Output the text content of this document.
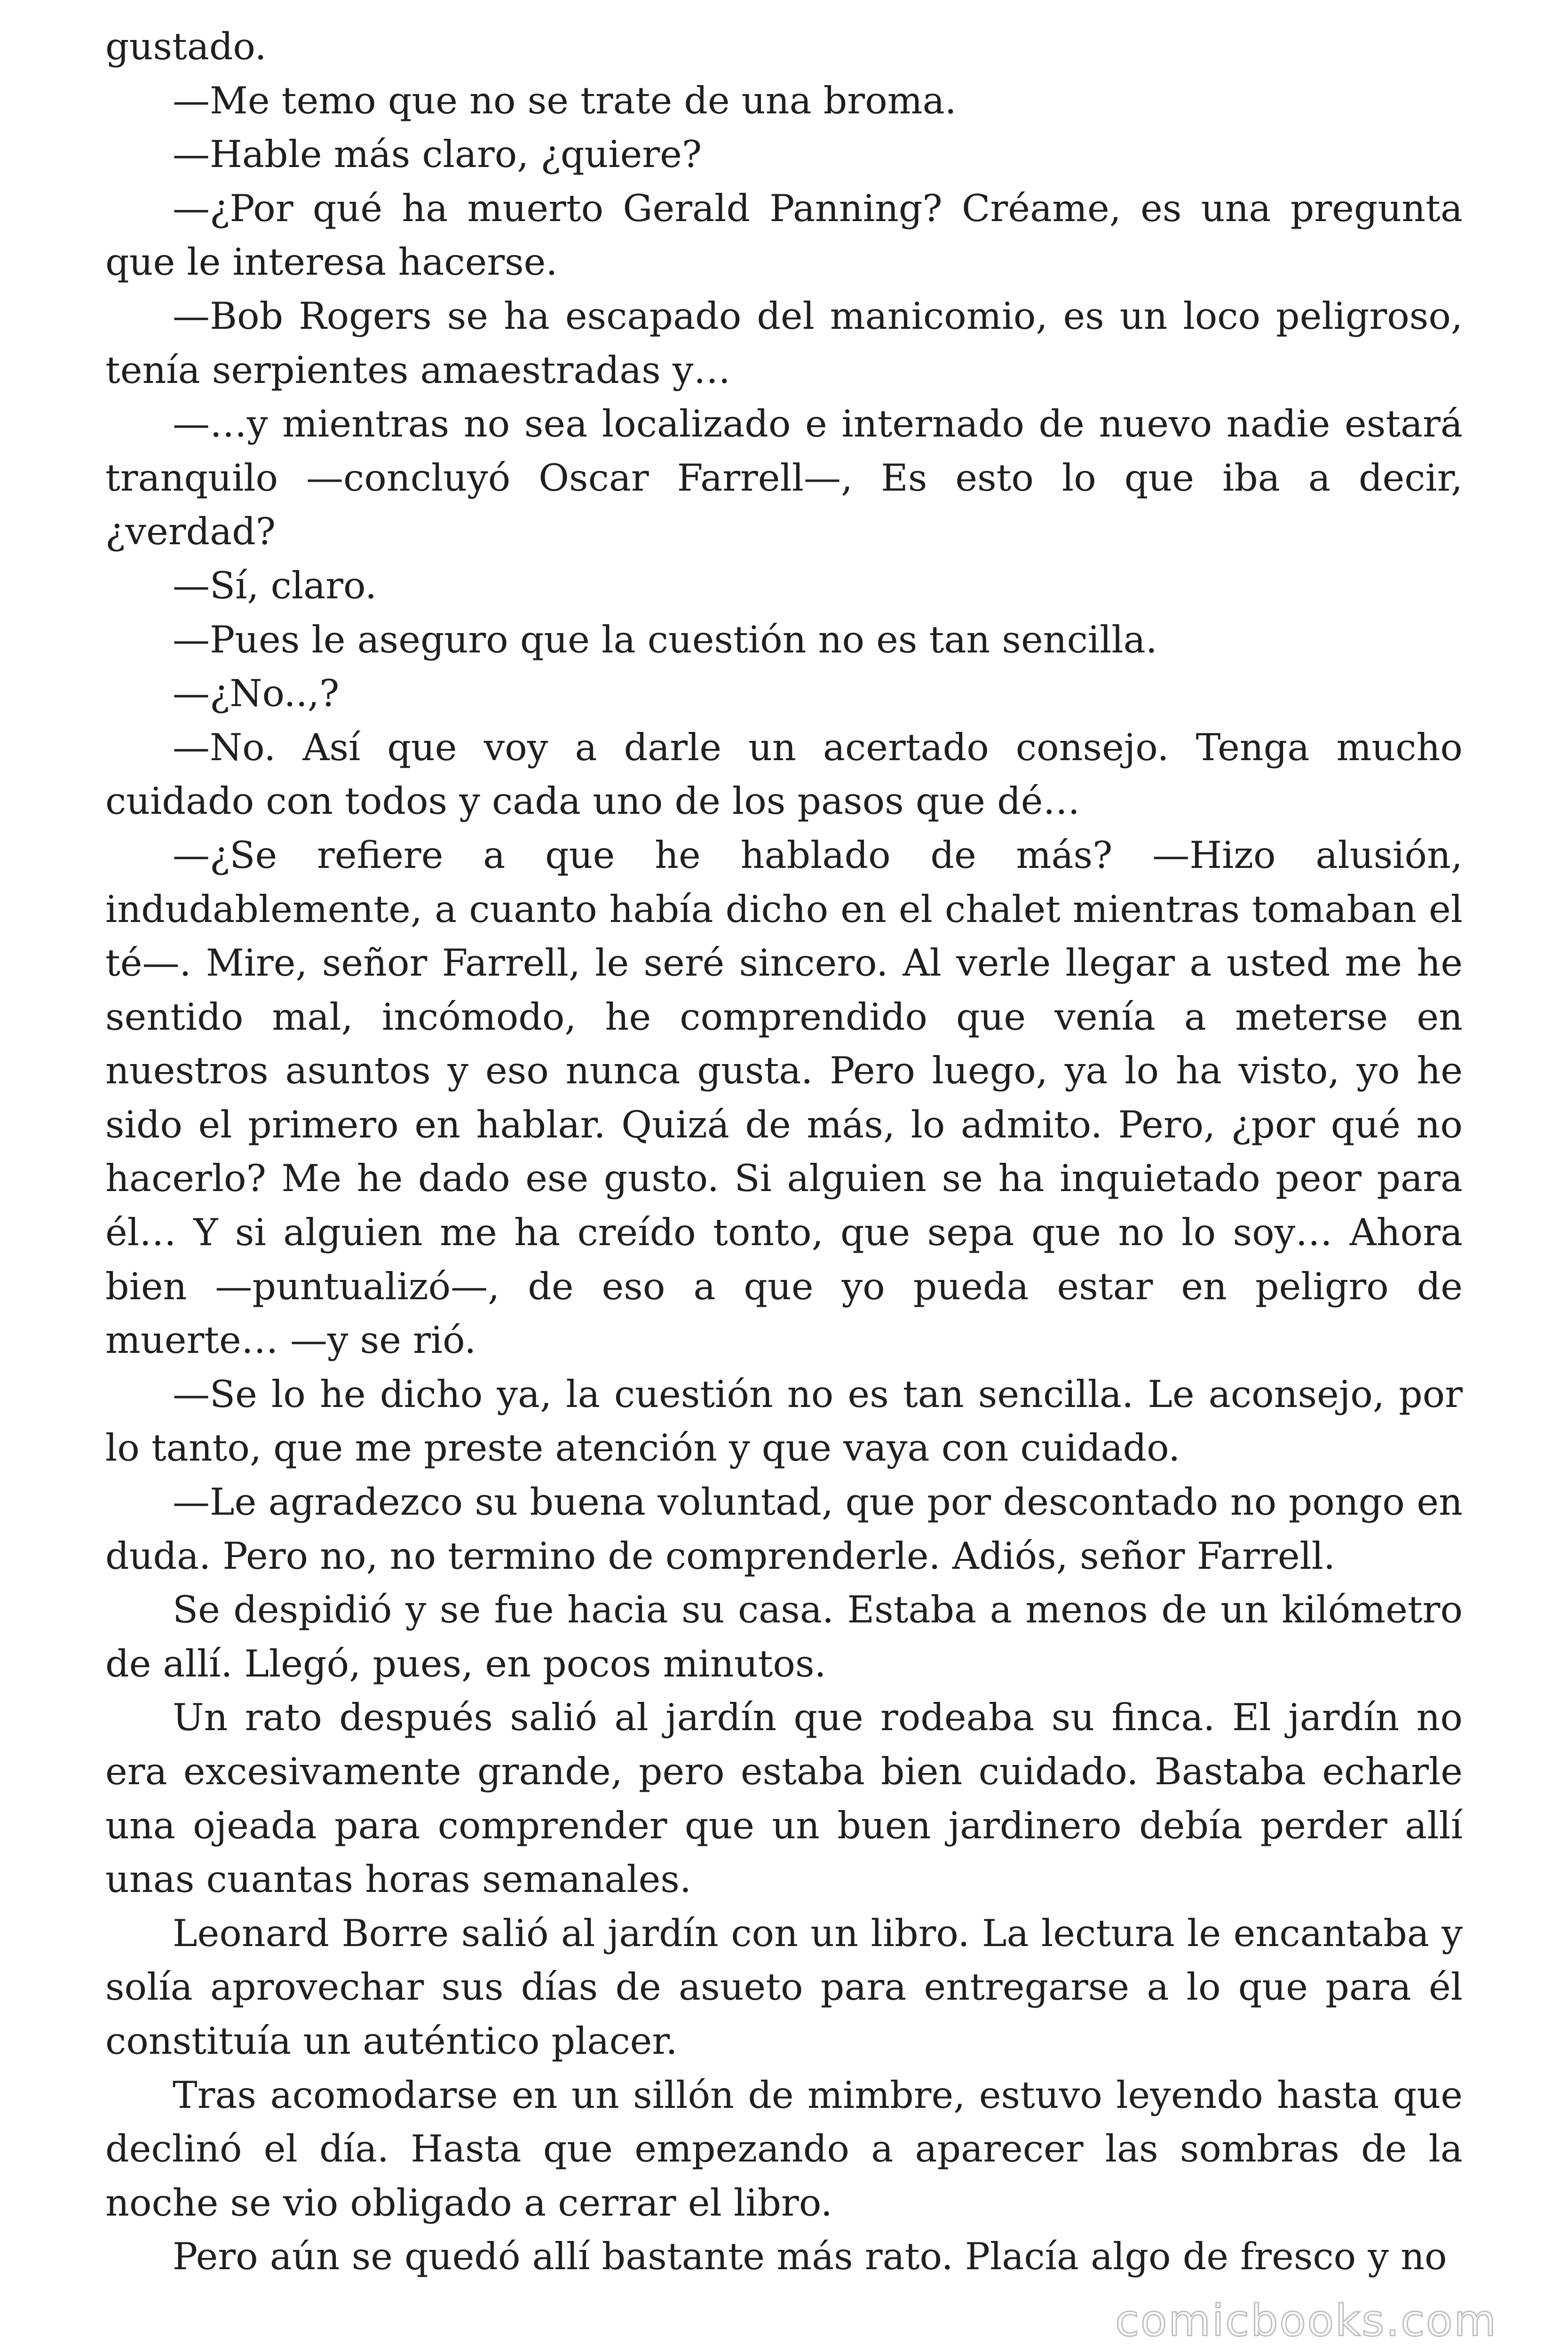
gustado.

—Me temo que no se trate de una broma.

—Hable más claro, ¿quiere?

—¿Por qué ha muerto Gerald Panning? Créame, es una pregunta que le interesa hacerse.

—Bob Rogers se ha escapado del manicomio, es un loco peligroso, tenía serpientes amaestradas y…

—…y mientras no sea localizado e internado de nuevo nadie estará tranquilo —concluyó Oscar Farrell—, Es esto lo que iba a decir, ¿verdad?

—Sí, claro.

—Pues le aseguro que la cuestión no es tan sencilla.

—¿No..,?

—No. Así que voy a darle un acertado consejo. Tenga mucho cuidado con todos y cada uno de los pasos que dé…

—¿Se refiere a que he hablado de más? —Hizo alusión, indudablemente, a cuanto había dicho en el chalet mientras tomaban el té—. Mire, señor Farrell, le seré sincero. Al verle llegar a usted me he sentido mal, incómodo, he comprendido que venía a meterse en nuestros asuntos y eso nunca gusta. Pero luego, ya lo ha visto, yo he sido el primero en hablar. Quizá de más, lo admito. Pero, ¿por qué no hacerlo? Me he dado ese gusto. Si alguien se ha inquietado peor para él… Y si alguien me ha creído tonto, que sepa que no lo soy… Ahora bien —puntualizó—, de eso a que yo pueda estar en peligro de muerte… —y se rió.

—Se lo he dicho ya, la cuestión no es tan sencilla. Le aconsejo, por lo tanto, que me preste atención y que vaya con cuidado.

—Le agradezco su buena voluntad, que por descontado no pongo en duda. Pero no, no termino de comprenderle. Adiós, señor Farrell.

Se despidió y se fue hacia su casa. Estaba a menos de un kilómetro de allí. Llegó, pues, en pocos minutos.

Un rato después salió al jardín que rodeaba su finca. El jardín no era excesivamente grande, pero estaba bien cuidado. Bastaba echarle una ojeada para comprender que un buen jardinero debía perder allí unas cuantas horas semanales.

Leonard Borre salió al jardín con un libro. La lectura le encantaba y solía aprovechar sus días de asueto para entregarse a lo que para él constituía un auténtico placer.

Tras acomodarse en un sillón de mimbre, estuvo leyendo hasta que declinó el día. Hasta que empezando a aparecer las sombras de la noche se vio obligado a cerrar el libro.

Pero aún se quedó allí bastante más rato. Placía algo de fresco y no

comicbooks.com
